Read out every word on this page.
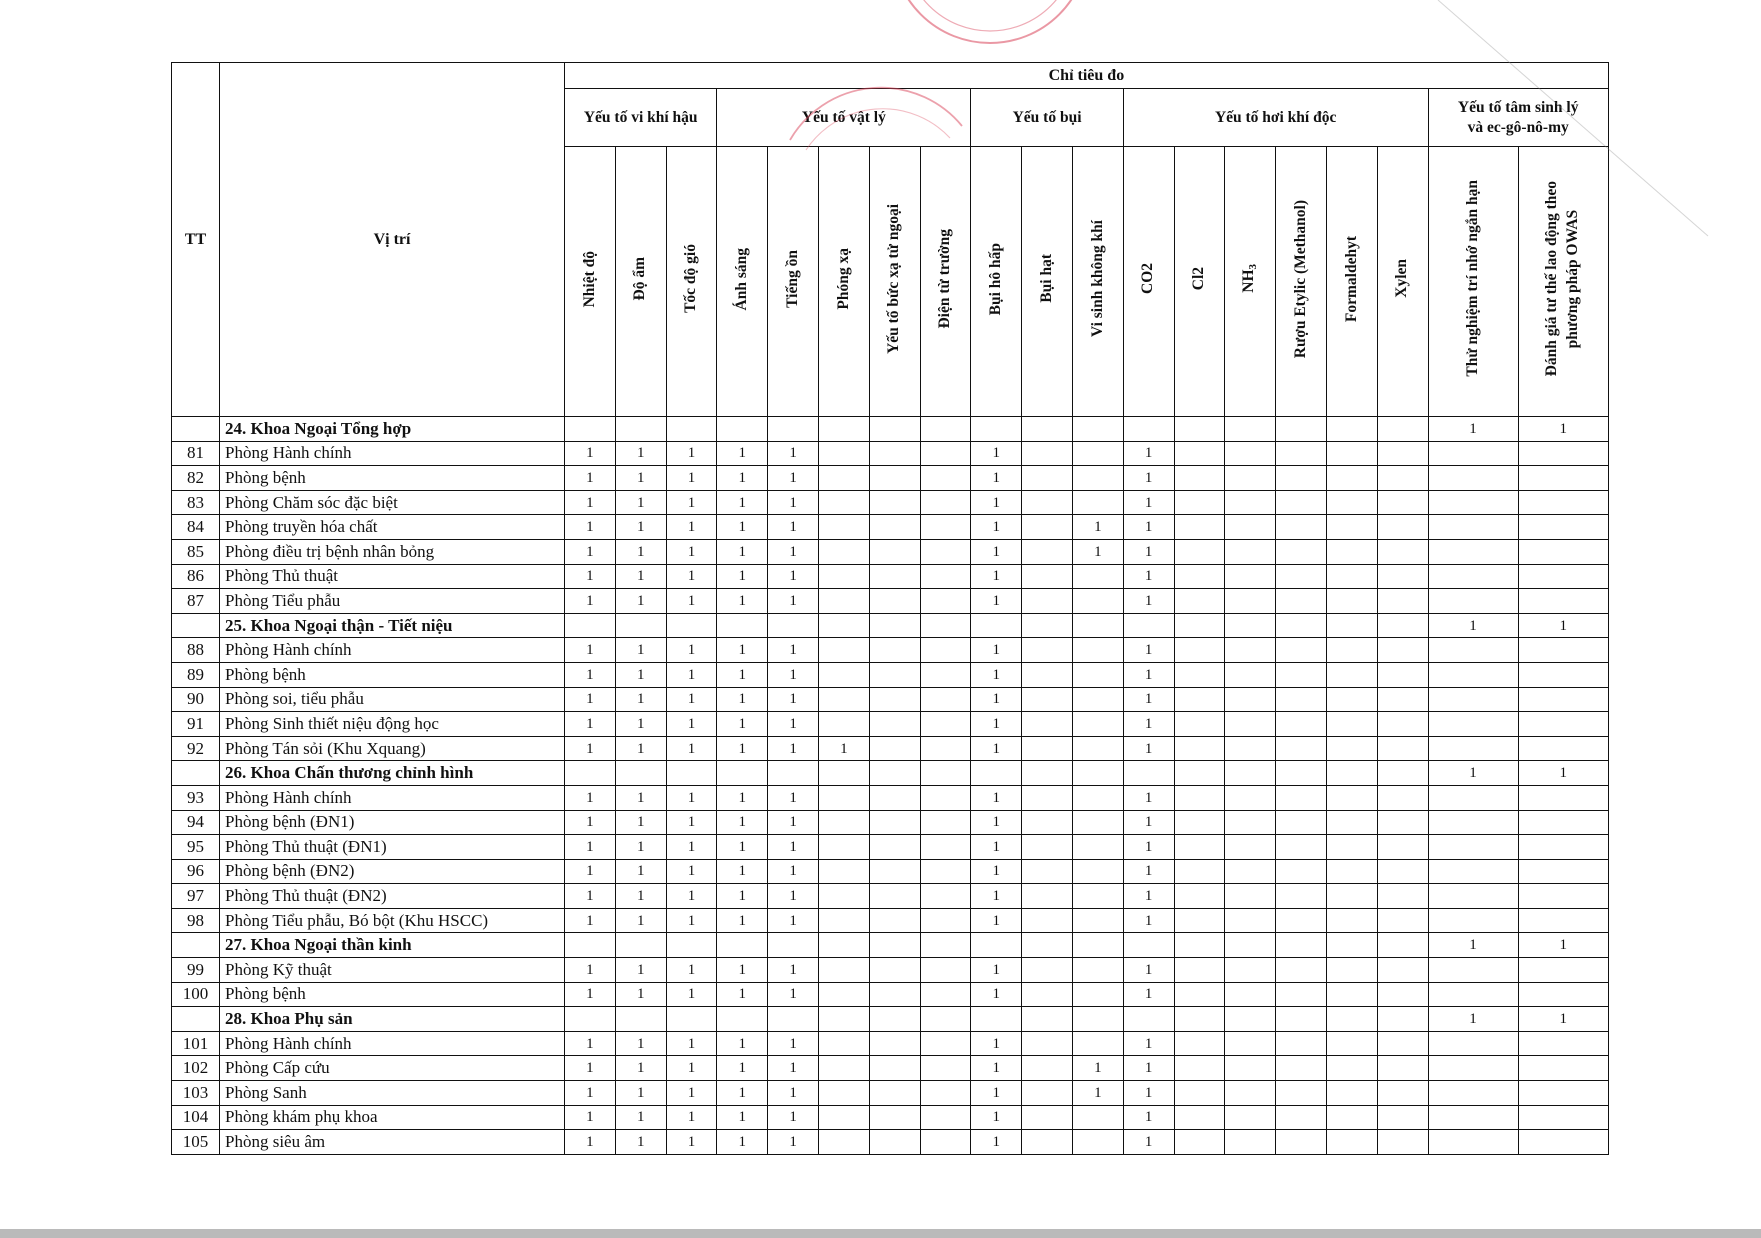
TT	Vị trí	Chỉ tiêu đo																		
		Yếu tố vi khí hậu			Yếu tố vật lý					Yếu tố bụi			Yếu tố hơi khí độc						Yếu tố tâm sinh lý
và ec-gô-nô-my	
		Nhiệt độ	Độ ẩm	Tốc độ gió	Ánh sáng	Tiếng ồn	Phóng xạ	Yếu tố bức xạ tử ngoại	Điện từ trường	Bụi hô hấp	Bụi hạt	Vi sinh không khí	CO2	Cl2	$NH_3$	Rượu Etylic (Methanol)	Formaldehyt	Xylen	Thử nghiệm trí nhớ ngắn hạn	Đánh giá tư thế lao động theo phương pháp OWAS
	24. Khoa Ngoại Tổng hợp																		1	1
81	Phòng Hành chính	1	1	1	1	1				1			1							
82	Phòng bệnh	1	1	1	1	1				1			1							
83	Phòng Chăm sóc đặc biệt	1	1	1	1	1				1			1							
84	Phòng truyền hóa chất	1	1	1	1	1				1		1	1							
85	Phòng điều trị bệnh nhân bỏng	1	1	1	1	1				1		1	1							
86	Phòng Thủ thuật	1	1	1	1	1				1			1							
87	Phòng Tiểu phẫu	1	1	1	1	1				1			1							
	25. Khoa Ngoại thận - Tiết niệu																		1	1
88	Phòng Hành chính	1	1	1	1	1				1			1							
89	Phòng bệnh	1	1	1	1	1				1			1							
90	Phòng soi, tiểu phẫu	1	1	1	1	1				1			1							
91	Phòng Sinh thiết niệu động học	1	1	1	1	1				1			1							
92	Phòng Tán sỏi (Khu Xquang)	1	1	1	1	1	1			1			1							
	26. Khoa Chấn thương chỉnh hình																		1	1
93	Phòng Hành chính	1	1	1	1	1				1			1							
94	Phòng bệnh (ĐN1)	1	1	1	1	1				1			1							
95	Phòng Thủ thuật (ĐN1)	1	1	1	1	1				1			1							
96	Phòng bệnh (ĐN2)	1	1	1	1	1				1			1							
97	Phòng Thủ thuật (ĐN2)	1	1	1	1	1				1			1							
98	Phòng Tiểu phẫu, Bó bột (Khu HSCC)	1	1	1	1	1				1			1							
	27. Khoa Ngoại thần kinh																		1	1
99	Phòng Kỹ thuật	1	1	1	1	1				1			1							
100	Phòng bệnh	1	1	1	1	1				1			1							
	28. Khoa Phụ sản																		1	1
101	Phòng Hành chính	1	1	1	1	1				1			1							
102	Phòng Cấp cứu	1	1	1	1	1				1		1	1							
103	Phòng Sanh	1	1	1	1	1				1		1	1							
104	Phòng khám phụ khoa	1	1	1	1	1				1			1							
105	Phòng siêu âm	1	1	1	1	1				1			1							
